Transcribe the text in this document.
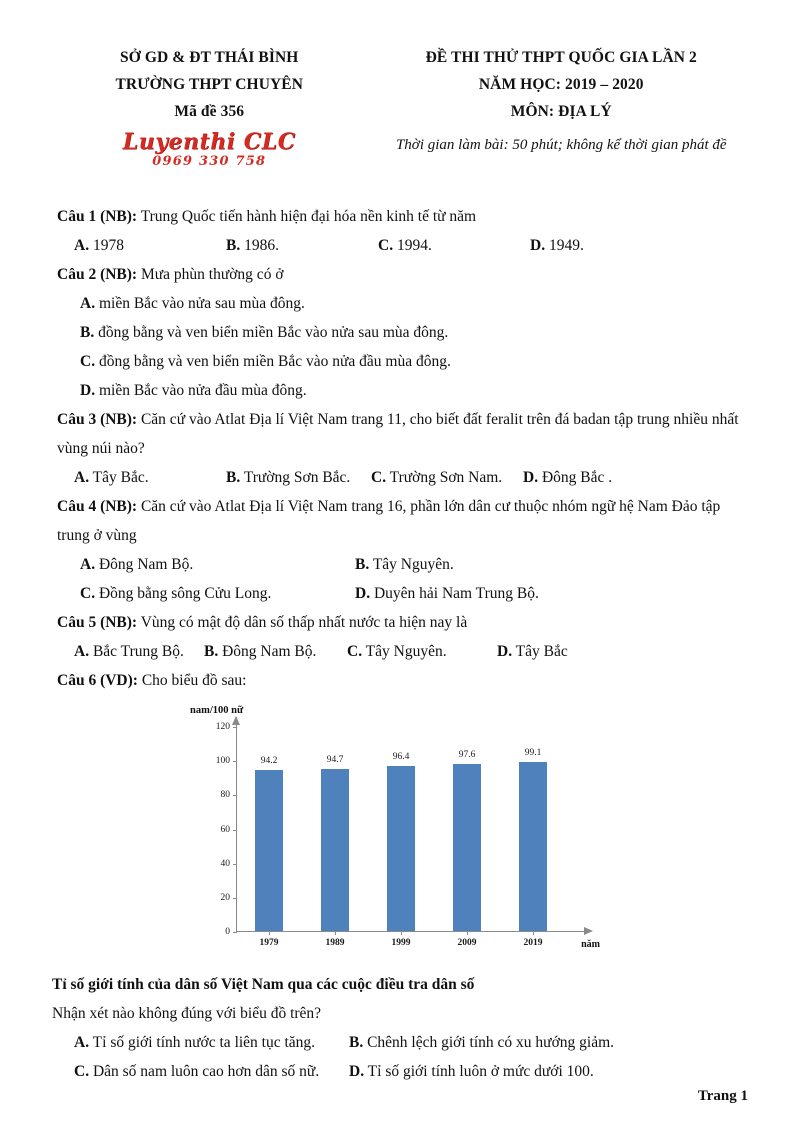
SỞ GD & ĐT THÁI BÌNH
TRƯỜNG THPT CHUYÊN
Mã đề 356
Luyenthi CLC
0969 330 758
ĐỀ THI THỬ THPT QUỐC GIA LẦN 2
NĂM HỌC: 2019 – 2020
MÔN: ĐỊA LÝ
Thời gian làm bài: 50 phút; không kể thời gian phát đề

Câu 1 (NB): Trung Quốc tiến hành hiện đại hóa nền kinh tế từ năm

A. 1978	B. 1986.	C. 1994.	D. 1949.

Câu 2 (NB): Mưa phùn thường có ở

A. miền Bắc vào nửa sau mùa đông.
B. đồng bằng và ven biển miền Bắc vào nửa sau mùa đông.
C. đồng bằng và ven biển miền Bắc vào nửa đầu mùa đông.
D. miền Bắc vào nửa đầu mùa đông.

Câu 3 (NB): Căn cứ vào Atlat Địa lí Việt Nam trang 11, cho biết đất feralit trên đá badan tập trung nhiều nhất vùng núi nào?

A. Tây Bắc.	B. Trường Sơn Bắc.	C. Trường Sơn Nam.	D. Đông Bắc .

Câu 4 (NB): Căn cứ vào Atlat Địa lí Việt Nam trang 16, phần lớn dân cư thuộc nhóm ngữ hệ Nam Đảo tập trung ở vùng

A. Đông Nam Bộ.	B. Tây Nguyên.
C. Đồng bằng sông Cửu Long.	D. Duyên hải Nam Trung Bộ.

Câu 5 (NB): Vùng có mật độ dân số thấp nhất nước ta hiện nay là

A. Bắc Trung Bộ.	B. Đông Nam Bộ.	C. Tây Nguyên.	D. Tây Bắc

Câu 6 (VD): Cho biểu đồ sau:

nam/100 nữ
0
20
40
60
80
100
120
94.2
1979
94.7
1989
96.4
1999
97.6
2009
99.1
2019	năm

Tỉ số giới tính của dân số Việt Nam qua các cuộc điều tra dân số

Nhận xét nào không đúng với biểu đồ trên?

A. Tỉ số giới tính nước ta liên tục tăng.	B. Chênh lệch giới tính có xu hướng giảm.
C. Dân số nam luôn cao hơn dân số nữ.	D. Tỉ số giới tính luôn ở mức dưới 100.
Trang 1
